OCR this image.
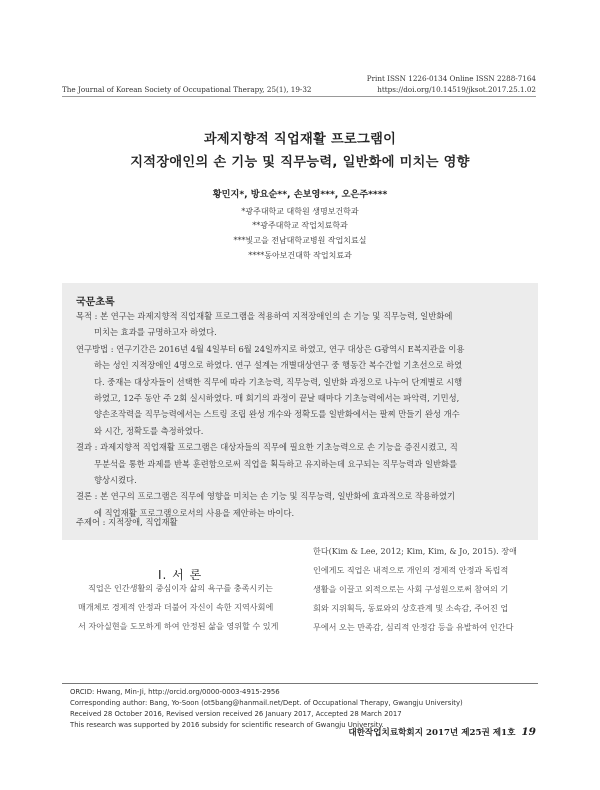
Print ISSN 1226-0134 Online ISSN 2288-7164
https://doi.org/10.14519/jksot.2017.25.1.02
The Journal of Korean Society of Occupational Therapy, 25(1), 19-32
과제지향적 직업재활 프로그램이
지적장애인의 손 기능 및 직무능력, 일반화에 미치는 영향
황민지*, 방요순**, 손보영***, 오은주****
*광주대학교 대학원 생명보건학과
**광주대학교 작업치료학과
***빛고을 전남대학교병원 작업치료실
****동아보건대학 작업치료과
국문초록
목적 : 본 연구는 과제지향적 직업재활 프로그램을 적용하여 지적장애인의 손 기능 및 직무능력, 일반화에
미치는 효과를 규명하고자 하였다.
연구방법 : 연구기간은 2016년 4월 4일부터 6월 24일까지로 하였고, 연구 대상은 G광역시 E복지관을 이용
하는 성인 지적장애인 4명으로 하였다. 연구 설계는 개별대상연구 중 행동간 복수간헐 기초선으로 하였
다. 중재는 대상자들이 선택한 직무에 따라 기초능력, 직무능력, 일반화 과정으로 나누어 단계별로 시행
하였고, 12주 동안 주 2회 실시하였다. 매 회기의 과정이 끝날 때마다 기초능력에서는 파악력, 기민성,
양손조작력을 직무능력에서는 스트링 조립 완성 개수와 정확도를 일반화에서는 팔찌 만들기 완성 개수
와 시간, 정확도를 측정하였다.
결과 : 과제지향적 직업재활 프로그램은 대상자들의 직무에 필요한 기초능력으로 손 기능을 증진시켰고, 직
무분석을 통한 과제를 반복 훈련함으로써 직업을 획득하고 유지하는데 요구되는 직무능력과 일반화를
향상시켰다.
결론 : 본 연구의 프로그램은 직무에 영향을 미치는 손 기능 및 직무능력, 일반화에 효과적으로 작용하였기
에 직업재활 프로그램으로서의 사용을 제안하는 바이다.
주제어 : 지적장애, 직업재활
Ⅰ. 서 론
직업은 인간생활의 중심이자 삶의 욕구를 충족시키는
매개체로 경제적 안정과 더불어 자신이 속한 지역사회에
서 자아실현을 도모하게 하여 안정된 삶을 영위할 수 있게
한다(Kim & Lee, 2012; Kim, Kim, & Jo, 2015). 장애
인에게도 직업은 내적으로 개인의 경제적 안정과 독립적
생활을 이끌고 외적으로는 사회 구성원으로써 참여의 기
회와 지위획득, 동료와의 상호관계 및 소속감, 주어진 업
무에서 오는 만족감, 심리적 안정감 등을 유발하여 인간다
ORCID: Hwang, Min-Ji, http://orcid.org/0000-0003-4915-2956
Corresponding author: Bang, Yo-Soon (ot5bang@hanmail.net/Dept. of Occupational Therapy, Gwangju University)
Received 28 October 2016, Revised version received 26 January 2017, Accepted 28 March 2017
This research was supported by 2016 subsidy for scientific research of Gwangju University.
대한작업치료학회지 2017년 제25권 제1호 19
